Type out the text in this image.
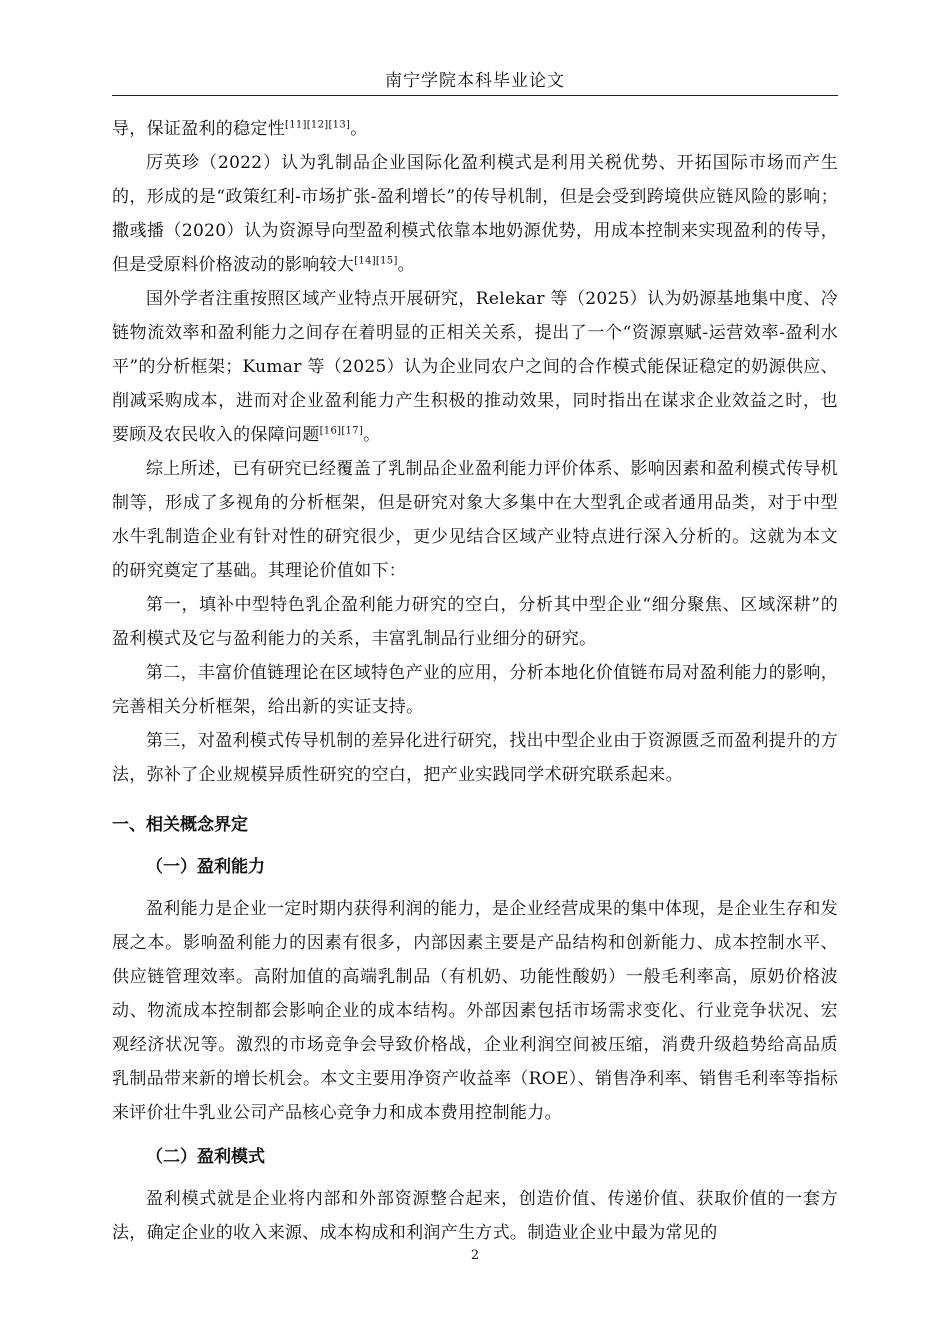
南宁学院本科毕业论文

导，保证盈利的稳定性[11][12][13]。

厉英珍（2022）认为乳制品企业国际化盈利模式是利用关税优势、开拓国际市场而产生的，形成的是“政策红利-市场扩张-盈利增长”的传导机制，但是会受到跨境供应链风险的影响；撒彧播（2020）认为资源导向型盈利模式依靠本地奶源优势，用成本控制来实现盈利的传导，但是受原料价格波动的影响较大[14][15]。

国外学者注重按照区域产业特点开展研究，Relekar 等（2025）认为奶源基地集中度、冷链物流效率和盈利能力之间存在着明显的正相关关系，提出了一个“资源禀赋-运营效率-盈利水平”的分析框架；Kumar 等（2025）认为企业同农户之间的合作模式能保证稳定的奶源供应、削减采购成本，进而对企业盈利能力产生积极的推动效果，同时指出在谋求企业效益之时，也要顾及农民收入的保障问题[16][17]。

综上所述，已有研究已经覆盖了乳制品企业盈利能力评价体系、影响因素和盈利模式传导机制等，形成了多视角的分析框架，但是研究对象大多集中在大型乳企或者通用品类，对于中型水牛乳制造企业有针对性的研究很少，更少见结合区域产业特点进行深入分析的。这就为本文的研究奠定了基础。其理论价值如下：

第一，填补中型特色乳企盈利能力研究的空白，分析其中型企业“细分聚焦、区域深耕”的盈利模式及它与盈利能力的关系，丰富乳制品行业细分的研究。

第二，丰富价值链理论在区域特色产业的应用，分析本地化价值链布局对盈利能力的影响，完善相关分析框架，给出新的实证支持。

第三，对盈利模式传导机制的差异化进行研究，找出中型企业由于资源匮乏而盈利提升的方法，弥补了企业规模异质性研究的空白，把产业实践同学术研究联系起来。

一、相关概念界定
（一）盈利能力

盈利能力是企业一定时期内获得利润的能力，是企业经营成果的集中体现，是企业生存和发展之本。影响盈利能力的因素有很多，内部因素主要是产品结构和创新能力、成本控制水平、供应链管理效率。高附加值的高端乳制品（有机奶、功能性酸奶）一般毛利率高，原奶价格波动、物流成本控制都会影响企业的成本结构。外部因素包括市场需求变化、行业竞争状况、宏观经济状况等。激烈的市场竞争会导致价格战，企业利润空间被压缩，消费升级趋势给高品质乳制品带来新的增长机会。本文主要用净资产收益率（ROE）、销售净利率、销售毛利率等指标来评价壮牛乳业公司产品核心竞争力和成本费用控制能力。

（二）盈利模式

盈利模式就是企业将内部和外部资源整合起来，创造价值、传递价值、获取价值的一套方法，确定企业的收入来源、成本构成和利润产生方式。制造业企业中最为常见的

2
